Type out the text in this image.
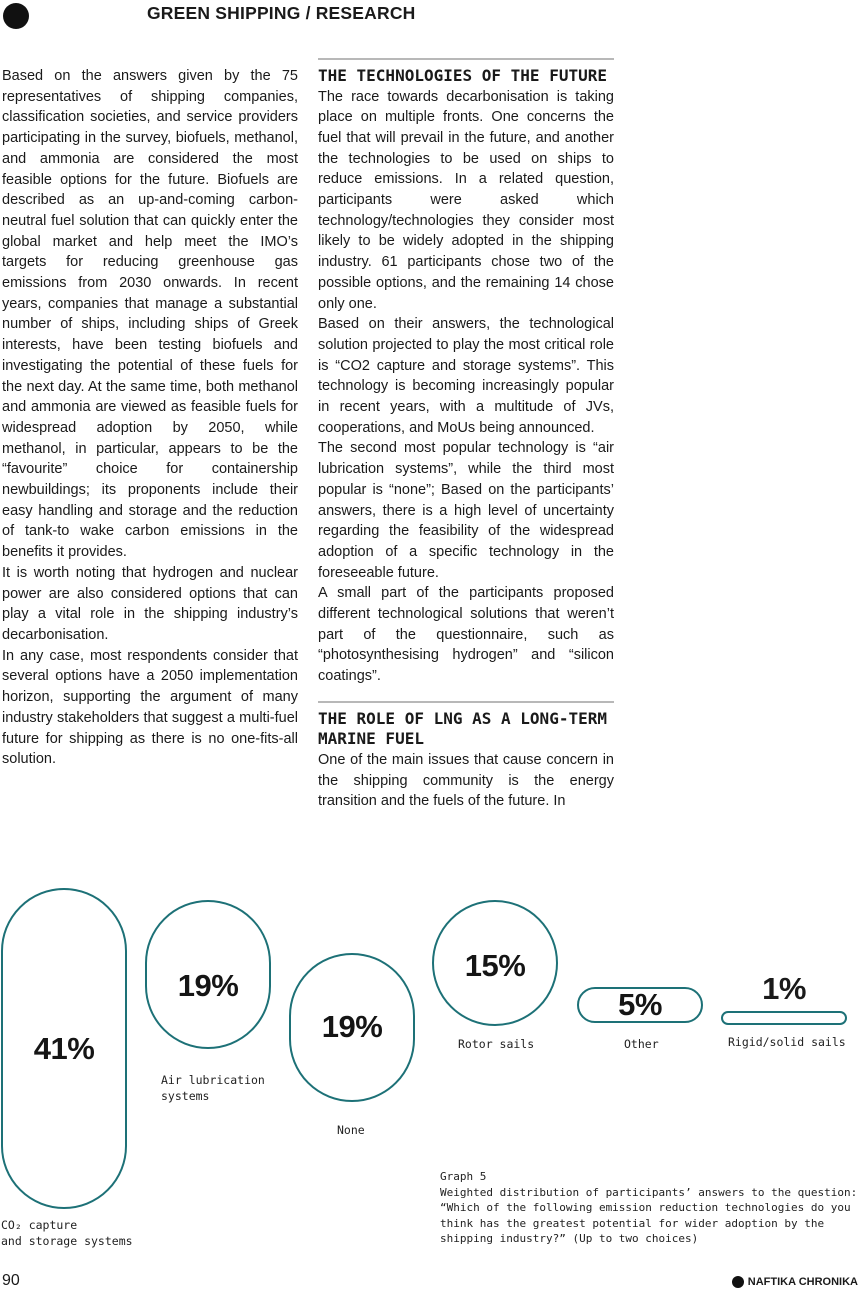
GREEN SHIPPING / RESEARCH

Based on the answers given by the 75 representatives of shipping companies, classification societies, and service providers participating in the survey, biofuels, methanol, and ammonia are considered the most feasible options for the future. Biofuels are described as an up-and-coming carbon-neutral fuel solution that can quickly enter the global market and help meet the IMO’s targets for reducing greenhouse gas emissions from 2030 onwards. In recent years, companies that manage a substantial number of ships, including ships of Greek interests, have been testing biofuels and investigating the potential of these fuels for the next day. At the same time, both methanol and ammonia are viewed as feasible fuels for widespread adoption by 2050, while methanol, in particular, appears to be the “favourite” choice for containership newbuildings; its proponents include their easy handling and storage and the reduction of tank-to wake carbon emissions in the benefits it provides.

It is worth noting that hydrogen and nuclear power are also considered options that can play a vital role in the shipping industry’s decarbonisation.

In any case, most respondents consider that several options have a 2050 implementation horizon, supporting the argument of many industry stakeholders that suggest a multi-fuel future for shipping as there is no one-fits-all solution.

THE TECHNOLOGIES OF THE FUTURE

The race towards decarbonisation is taking place on multiple fronts. One concerns the fuel that will prevail in the future, and another the technologies to be used on ships to reduce emissions. In a related question, participants were asked which technology/technologies they consider most likely to be widely adopted in the shipping industry. 61 participants chose two of the possible options, and the remaining 14 chose only one.

Based on their answers, the technological solution projected to play the most critical role is “CO2 capture and storage systems”. This technology is becoming increasingly popular in recent years, with a multitude of JVs, cooperations, and MoUs being announced.

The second most popular technology is “air lubrication systems”, while the third most popular is “none”; Based on the participants’ answers, there is a high level of uncertainty regarding the feasibility of the widespread adoption of a specific technology in the foreseeable future.

A small part of the participants proposed different technological solutions that weren’t part of the questionnaire, such as “photosynthesising hydrogen” and “silicon coatings”.

THE ROLE OF LNG AS A LONG-TERM MARINE FUEL

One of the main issues that cause concern in the shipping community is the energy transition and the fuels of the future. In

41%
CO₂ capture
and storage systems
19%
Air lubrication
systems
19%
None
15%
Rotor sails
5%
Other
1%
Rigid/solid sails

Graph 5

Weighted distribution of participants’ answers to the question: “Which of the following emission reduction technologies do you think has the greatest potential for wider adoption by the shipping industry?” (Up to two choices)

90	NAFTIKA CHRONIKA
